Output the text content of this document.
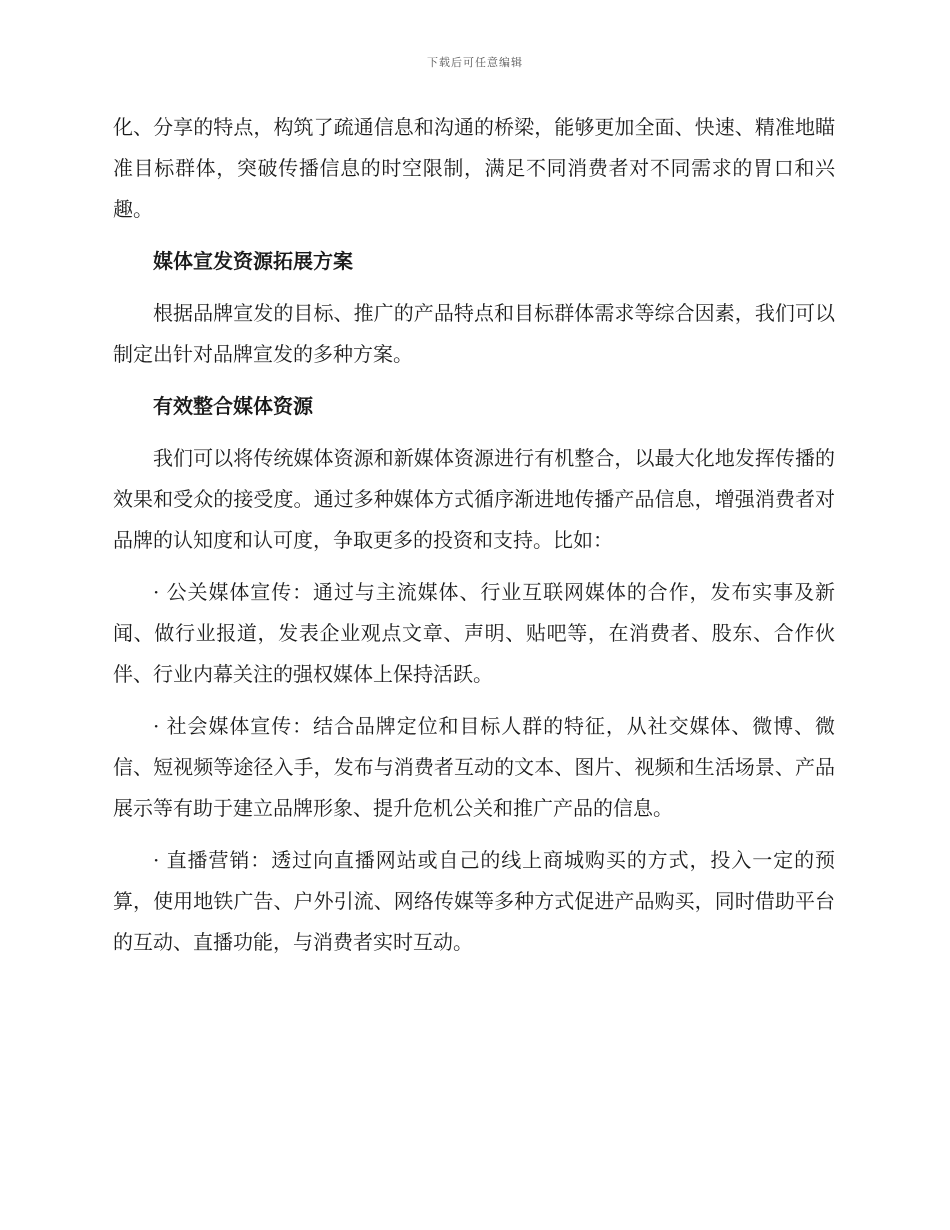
下载后可任意编辑

化、分享的特点，构筑了疏通信息和沟通的桥梁，能够更加全面、快速、精准地瞄准目标群体，突破传播信息的时空限制，满足不同消费者对不同需求的胃口和兴趣。

媒体宣发资源拓展方案

根据品牌宣发的目标、推广的产品特点和目标群体需求等综合因素，我们可以制定出针对品牌宣发的多种方案。

有效整合媒体资源

我们可以将传统媒体资源和新媒体资源进行有机整合，以最大化地发挥传播的效果和受众的接受度。通过多种媒体方式循序渐进地传播产品信息，增强消费者对品牌的认知度和认可度，争取更多的投资和支持。比如：

· 公关媒体宣传：通过与主流媒体、行业互联网媒体的合作，发布实事及新闻、做行业报道，发表企业观点文章、声明、贴吧等，在消费者、股东、合作伙伴、行业内幕关注的强权媒体上保持活跃。

· 社会媒体宣传：结合品牌定位和目标人群的特征，从社交媒体、微博、微信、短视频等途径入手，发布与消费者互动的文本、图片、视频和生活场景、产品展示等有助于建立品牌形象、提升危机公关和推广产品的信息。

· 直播营销：透过向直播网站或自己的线上商城购买的方式，投入一定的预算，使用地铁广告、户外引流、网络传媒等多种方式促进产品购买，同时借助平台的互动、直播功能，与消费者实时互动。
